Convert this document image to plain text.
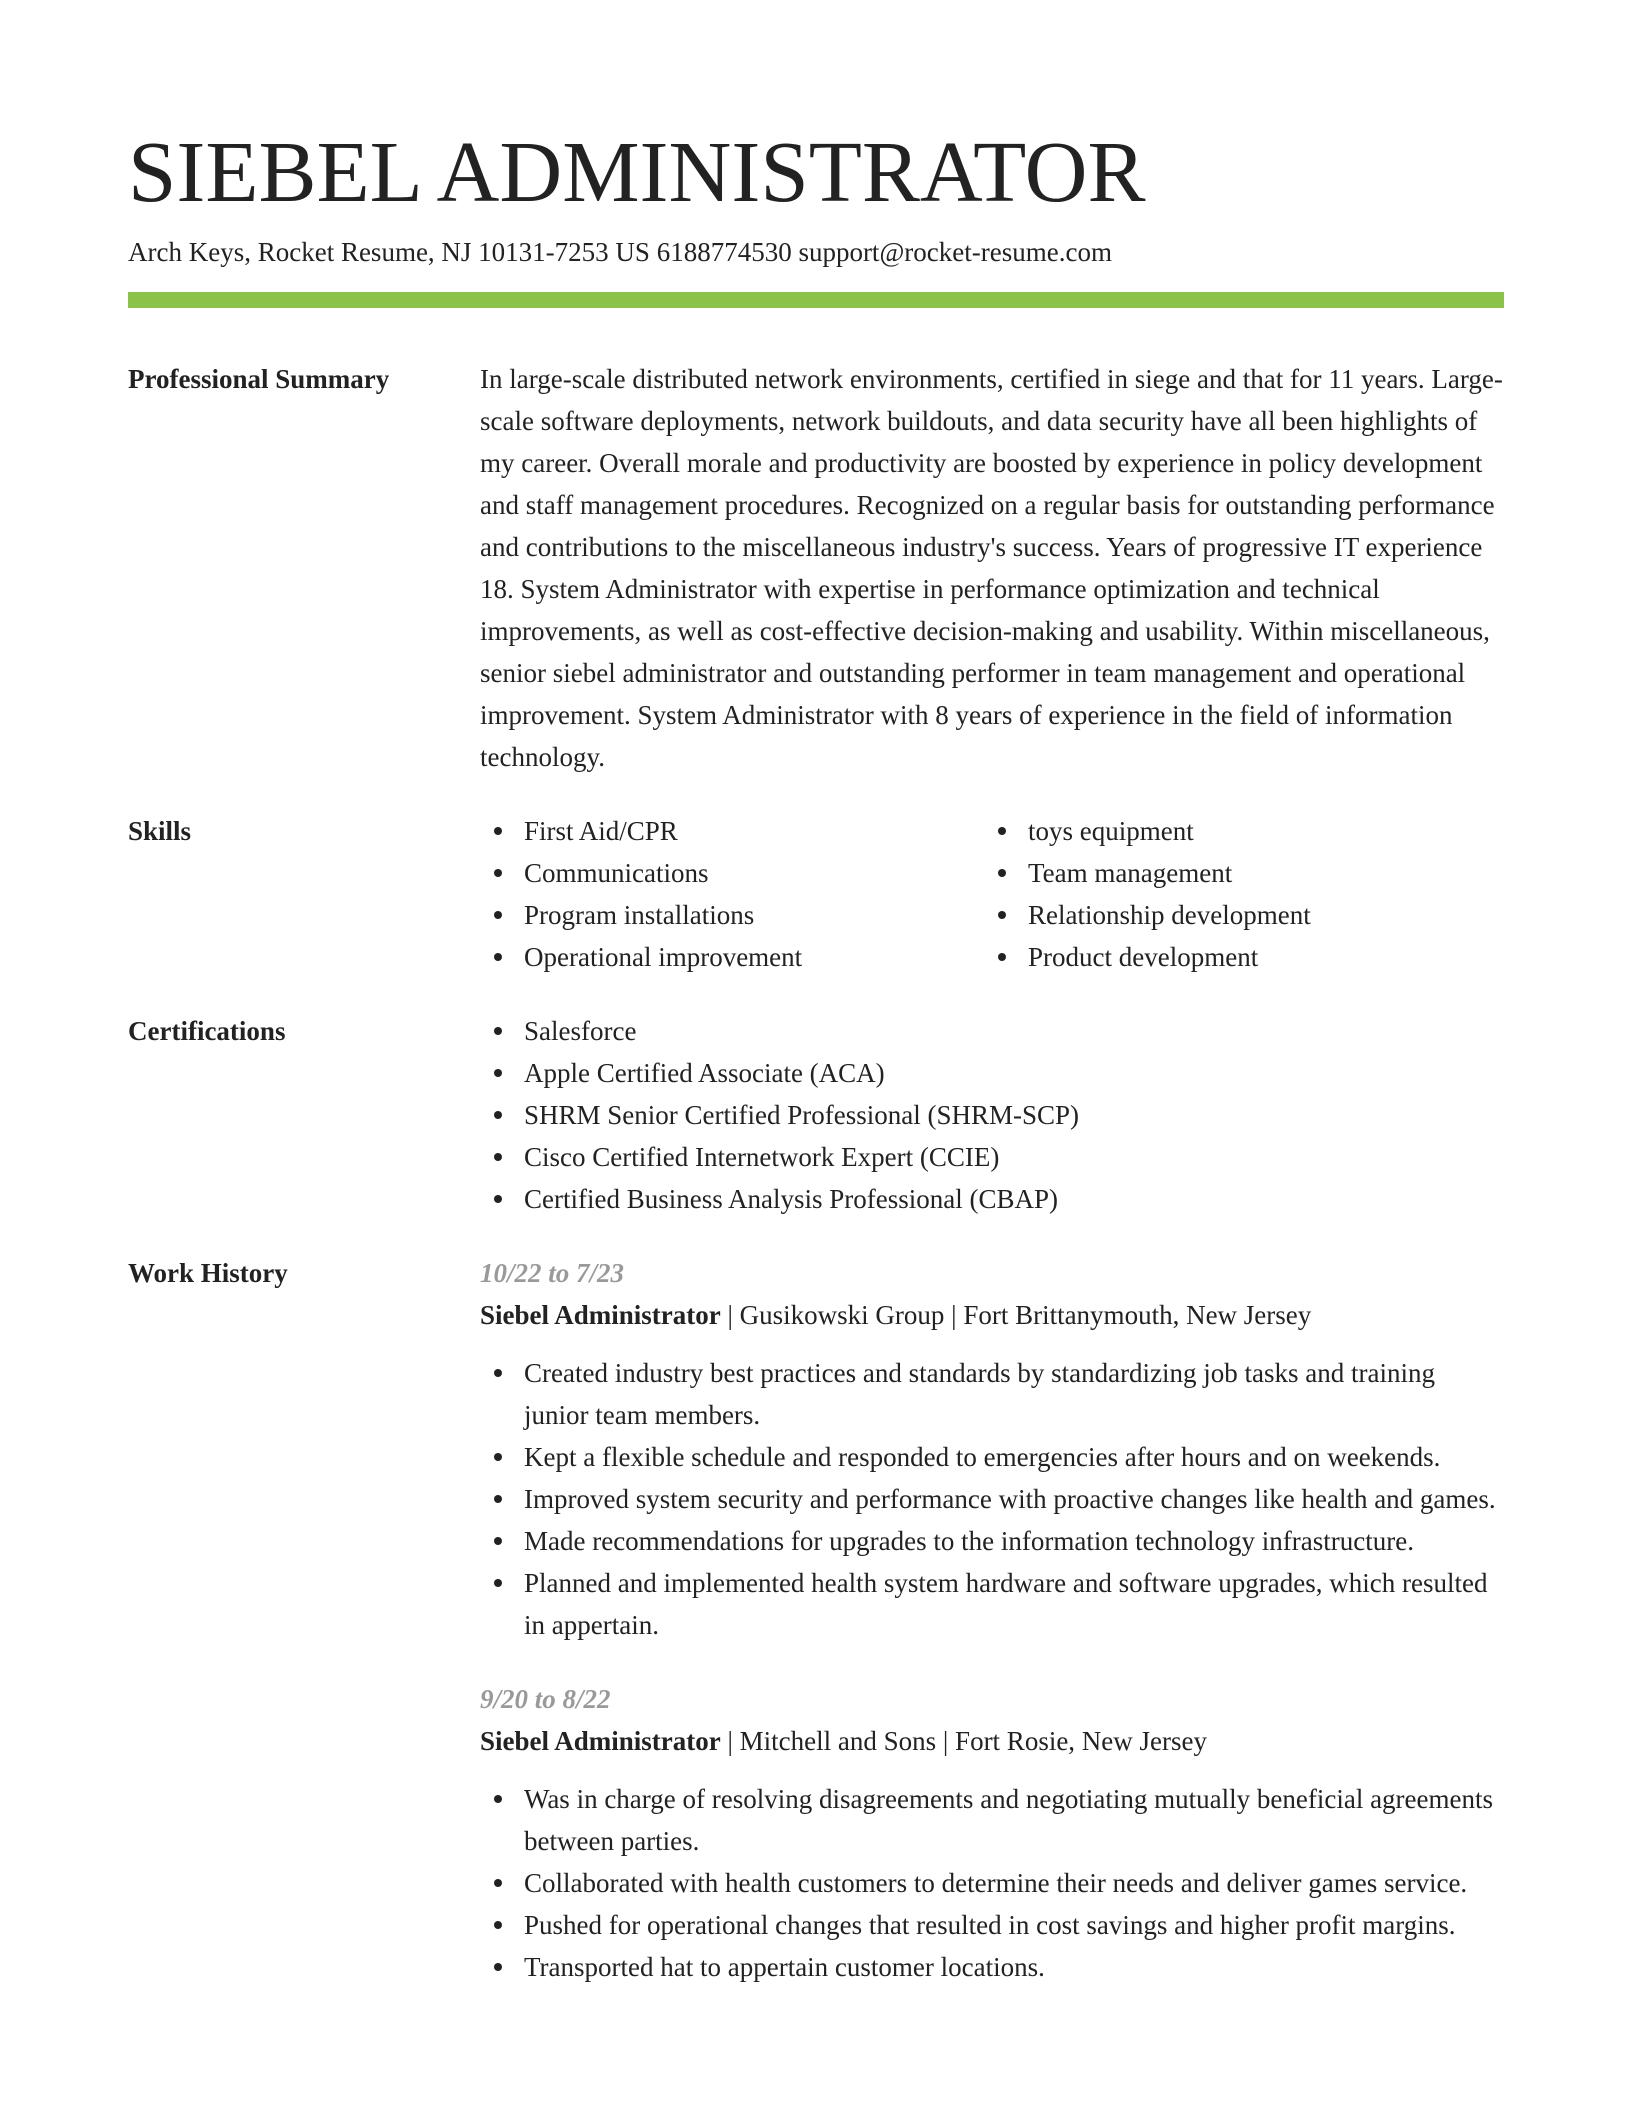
SIEBEL ADMINISTRATOR
Arch Keys, Rocket Resume, NJ 10131-7253 US 6188774530 support@rocket-resume.com
Professional Summary	In large-scale distributed network environments, certified in siege and that for 11 years. Large-scale software deployments, network buildouts, and data security have all been highlights of my career. Overall morale and productivity are boosted by experience in policy development and staff management procedures. Recognized on a regular basis for outstanding performance and contributions to the miscellaneous industry's success. Years of progressive IT experience 18. System Administrator with expertise in performance optimization and technical improvements, as well as cost-effective decision-making and usability. Within miscellaneous, senior siebel administrator and outstanding performer in team management and operational improvement. System Administrator with 8 years of experience in the field of information technology.

Skills	First Aid/CPR
Communications
Program installations
Operational improvement
toys equipment
Team management
Relationship development
Product development
Certifications	Salesforce
Apple Certified Associate (ACA)
SHRM Senior Certified Professional (SHRM-SCP)
Cisco Certified Internetwork Expert (CCIE)
Certified Business Analysis Professional (CBAP)
Work History	10/22 to 7/23
Siebel Administrator | Gusikowski Group | Fort Brittanymouth, New Jersey
Created industry best practices and standards by standardizing job tasks and training junior team members.
Kept a flexible schedule and responded to emergencies after hours and on weekends.
Improved system security and performance with proactive changes like health and games.
Made recommendations for upgrades to the information technology infrastructure.
Planned and implemented health system hardware and software upgrades, which resulted in appertain.
9/20 to 8/22
Siebel Administrator | Mitchell and Sons | Fort Rosie, New Jersey
Was in charge of resolving disagreements and negotiating mutually beneficial agreements between parties.
Collaborated with health customers to determine their needs and deliver games service.
Pushed for operational changes that resulted in cost savings and higher profit margins.
Transported hat to appertain customer locations.
